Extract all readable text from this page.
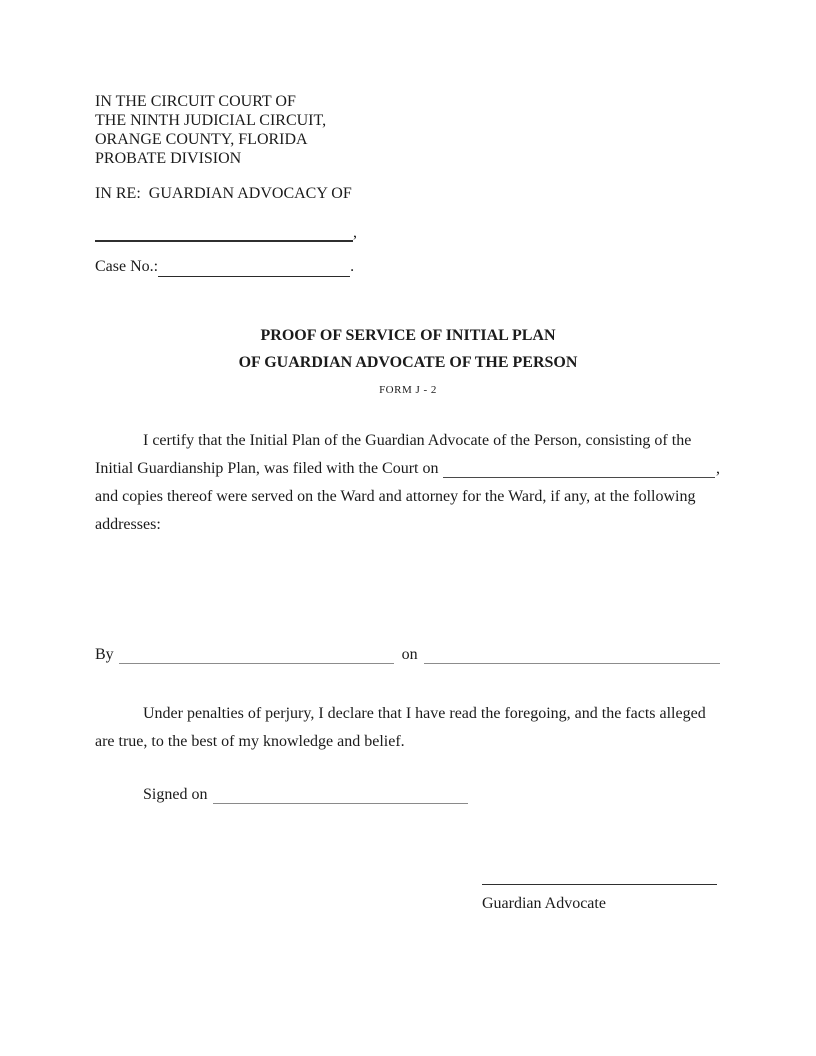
IN THE CIRCUIT COURT OF
THE NINTH JUDICIAL CIRCUIT,
ORANGE COUNTY, FLORIDA
PROBATE DIVISION
IN RE:  GUARDIAN ADVOCACY OF
,
Case No.:	.
PROOF OF SERVICE OF INITIAL PLAN
OF GUARDIAN ADVOCATE OF THE PERSON
FORM J - 2
I certify that the Initial Plan of the Guardian Advocate of the Person, consisting of the
Initial Guardianship Plan, was filed with the Court on	,
and copies thereof were served on the Ward and attorney for the Ward, if any, at the following
addresses:
By	on
Under penalties of perjury, I declare that I have read the foregoing, and the facts alleged
are true, to the best of my knowledge and belief.
Signed on
Guardian Advocate
